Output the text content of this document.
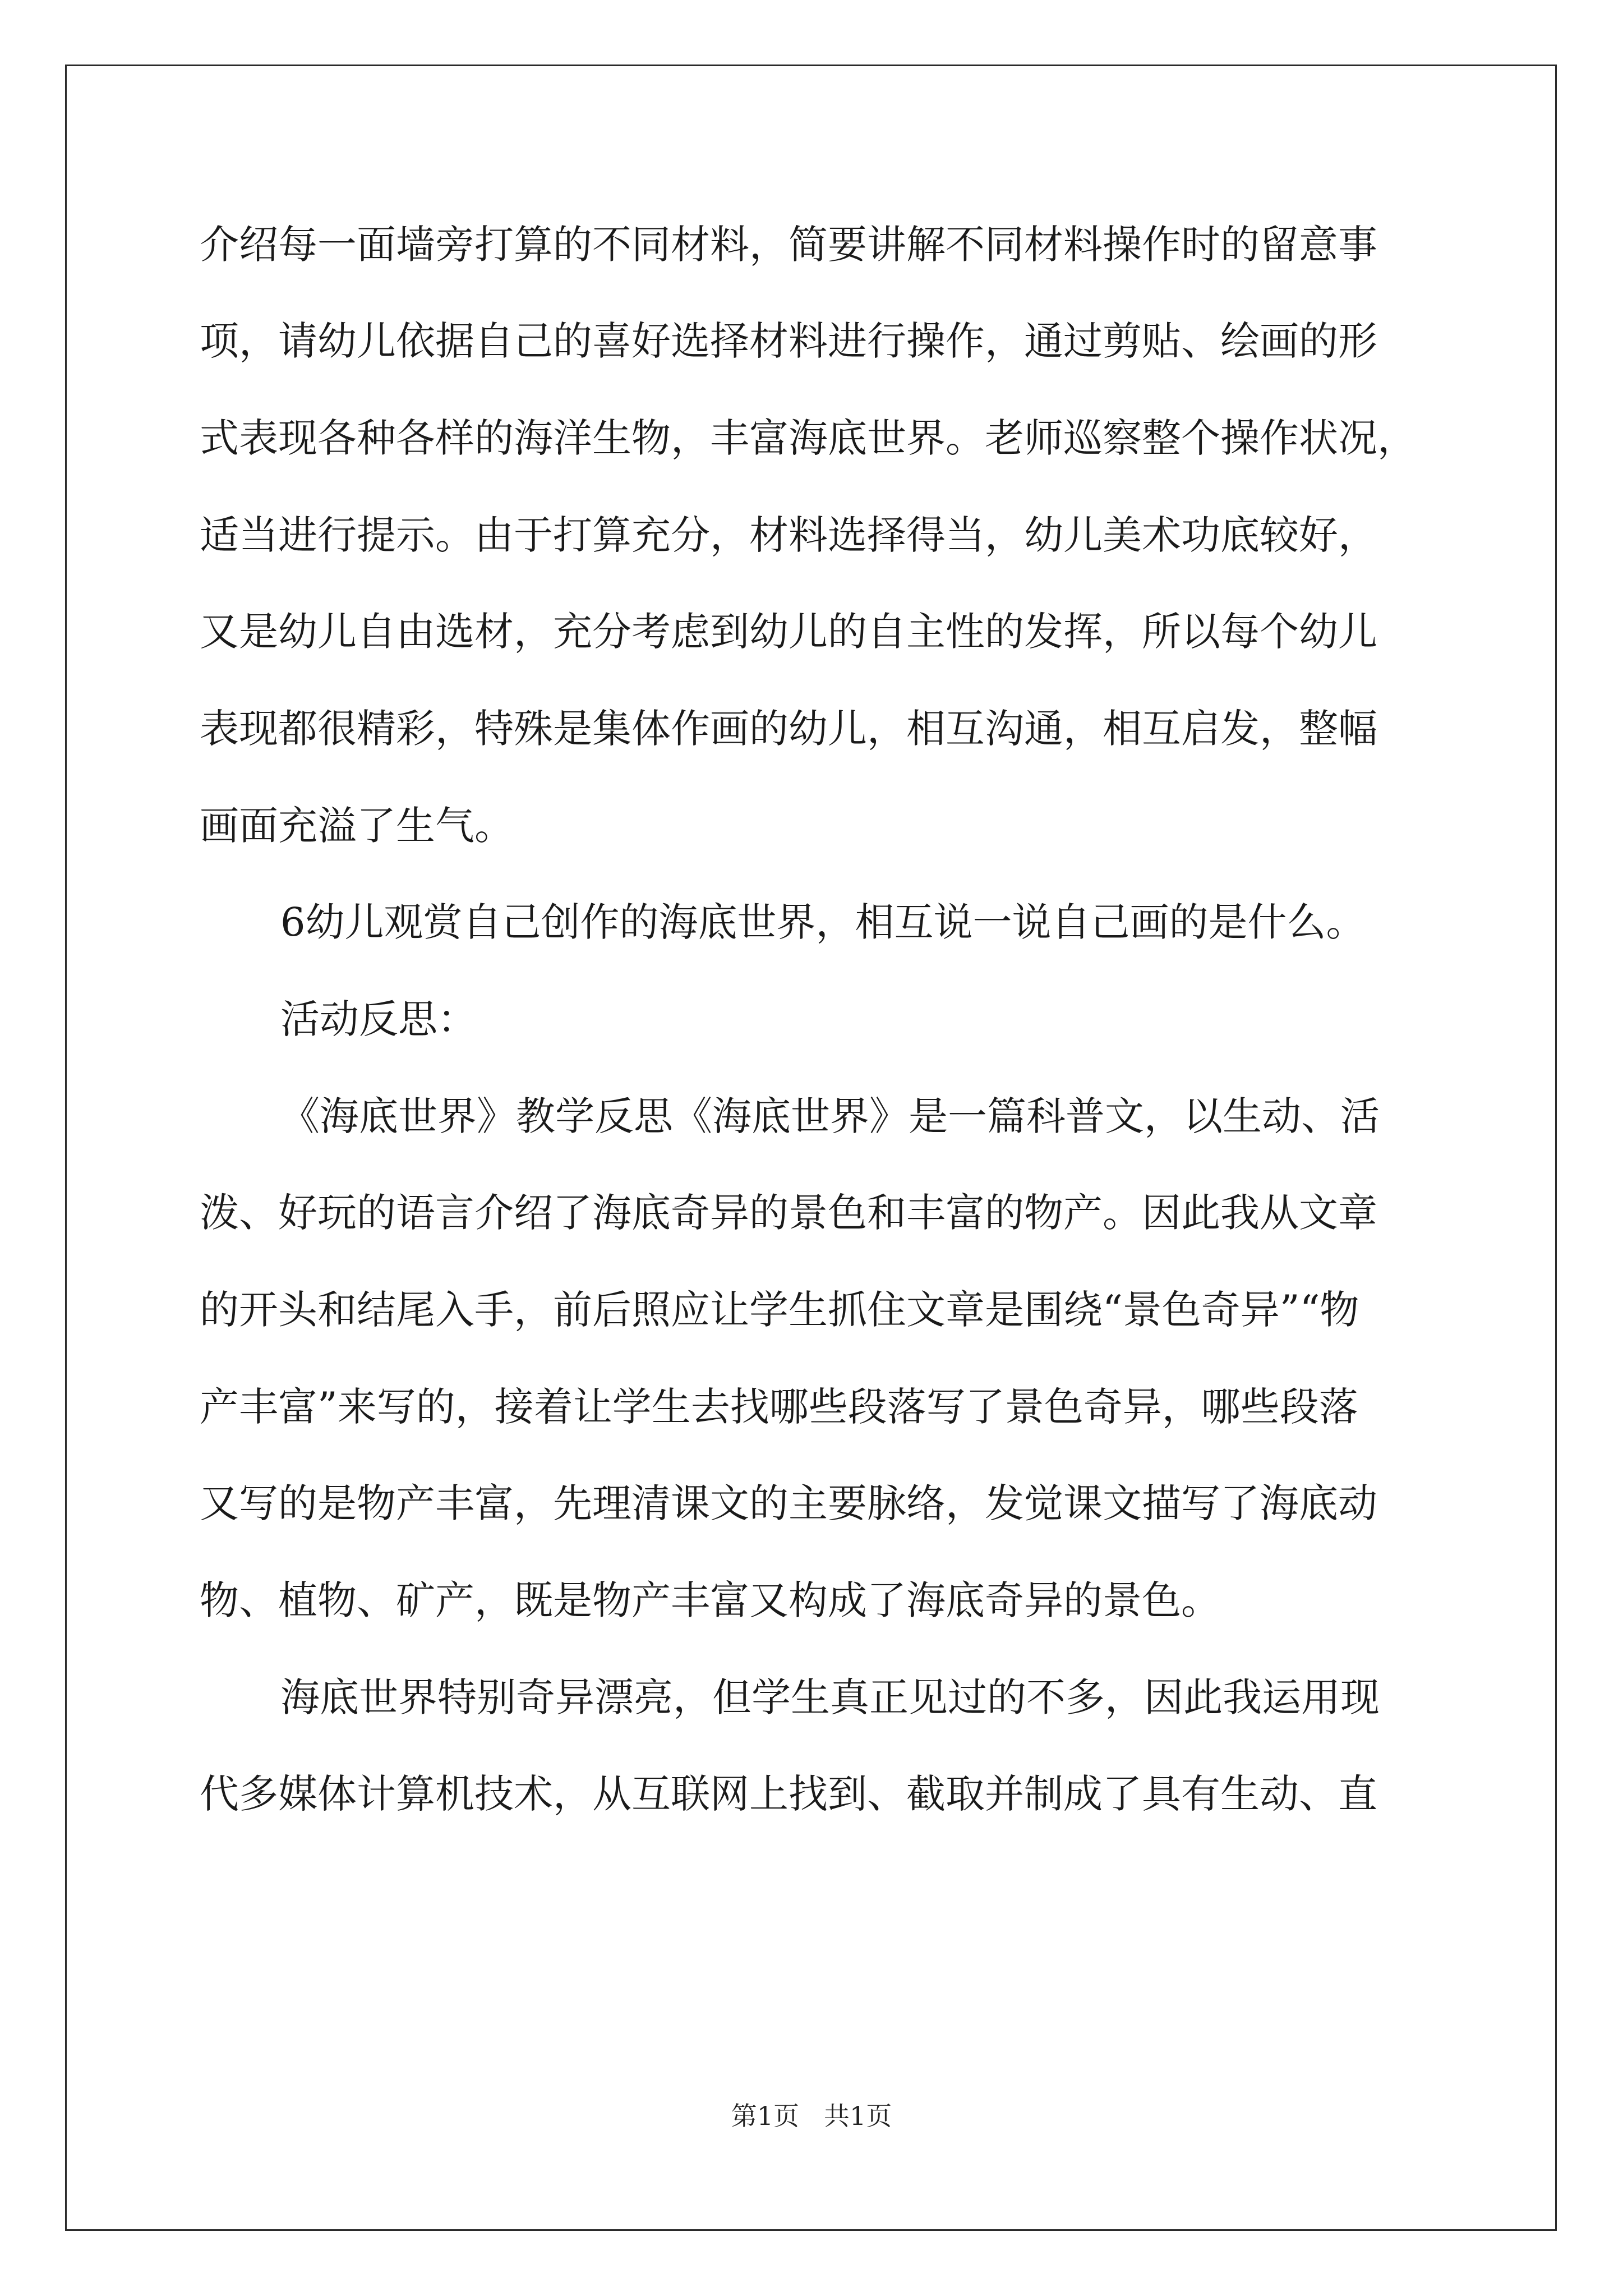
介绍每一面墙旁打算的不同材料，简要讲解不同材料操作时的留意事
项，请幼儿依据自己的喜好选择材料进行操作，通过剪贴、绘画的形
式表现各种各样的海洋生物，丰富海底世界。老师巡察整个操作状况，
适当进行提示。由于打算充分，材料选择得当，幼儿美术功底较好，
又是幼儿自由选材，充分考虑到幼儿的自主性的发挥，所以每个幼儿
表现都很精彩，特殊是集体作画的幼儿，相互沟通，相互启发，整幅
画面充溢了生气。
6幼儿观赏自己创作的海底世界，相互说一说自己画的是什么。
活动反思：
《海底世界》教学反思《海底世界》是一篇科普文，以生动、活
泼、好玩的语言介绍了海底奇异的景色和丰富的物产。因此我从文章
的开头和结尾入手，前后照应让学生抓住文章是围绕“景色奇异”“物
产丰富”来写的，接着让学生去找哪些段落写了景色奇异，哪些段落
又写的是物产丰富，先理清课文的主要脉络，发觉课文描写了海底动
物、植物、矿产，既是物产丰富又构成了海底奇异的景色。
海底世界特别奇异漂亮，但学生真正见过的不多，因此我运用现
代多媒体计算机技术，从互联网上找到、截取并制成了具有生动、直
第1页 共1页
